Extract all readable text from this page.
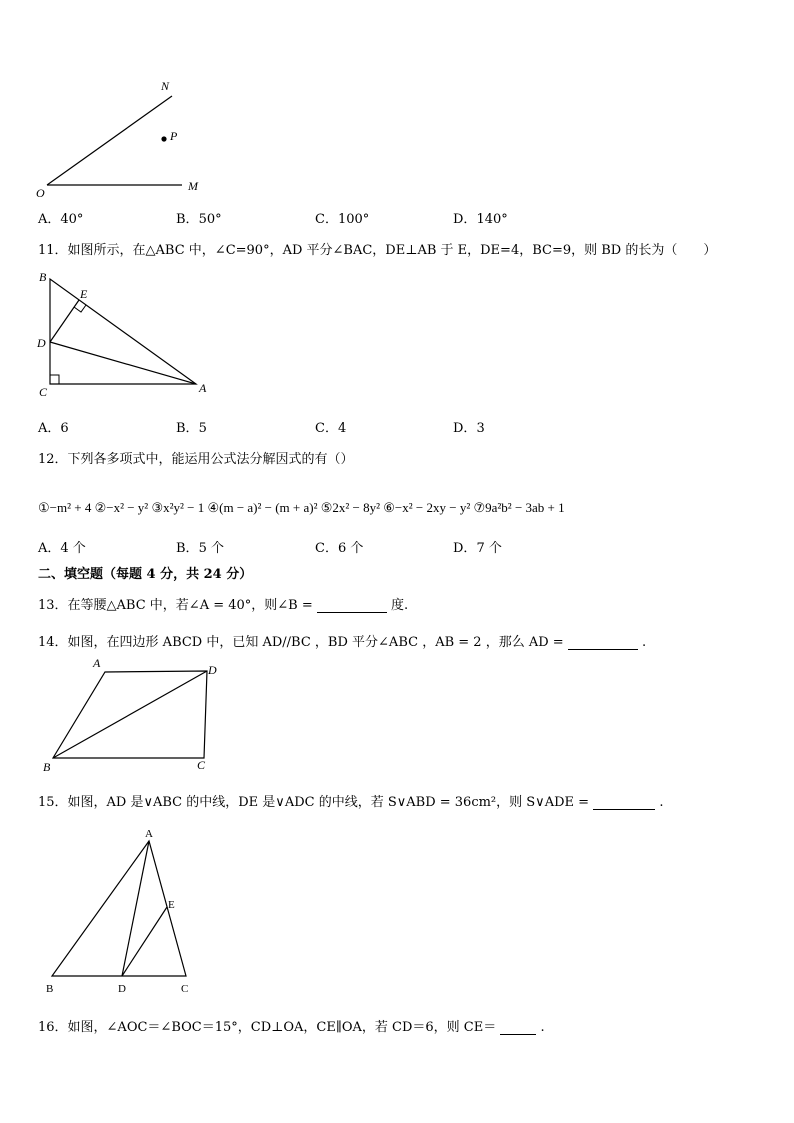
N
P
O	M
A．40°	B．50°	C．100°	D．140°
11．如图所示，在△ABC 中，∠C=90°，AD 平分∠BAC，DE⊥AB 于 E，DE=4，BC=9，则 BD 的长为（　　）
B
E
D
C	A
A．6	B．5	C．4	D．3
12．下列各多项式中，能运用公式法分解因式的有（）
①−m² + 4 ②−x² − y² ③x²y² − 1 ④(m − a)² − (m + a)² ⑤2x² − 8y² ⑥−x² − 2xy − y² ⑦9a²b² − 3ab + 1
A．4 个	B．5 个	C．6 个	D．7 个
二、填空题（每题 4 分，共 24 分）
13．在等腰△ABC 中，若∠A = 40°，则∠B =	度.
14．如图，在四边形 ABCD 中，已知 AD//BC ，BD 平分∠ABC ，AB = 2 ，那么 AD =	.
A	D
B	C
15．如图，AD 是∨ABC 的中线，DE 是∨ADC 的中线，若 S∨ABD = 36cm²，则 S∨ADE =	.
A
E
B	D	C
16．如图，∠AOC＝∠BOC＝15°，CD⊥OA，CE∥OA，若 CD＝6，则 CE＝	.
